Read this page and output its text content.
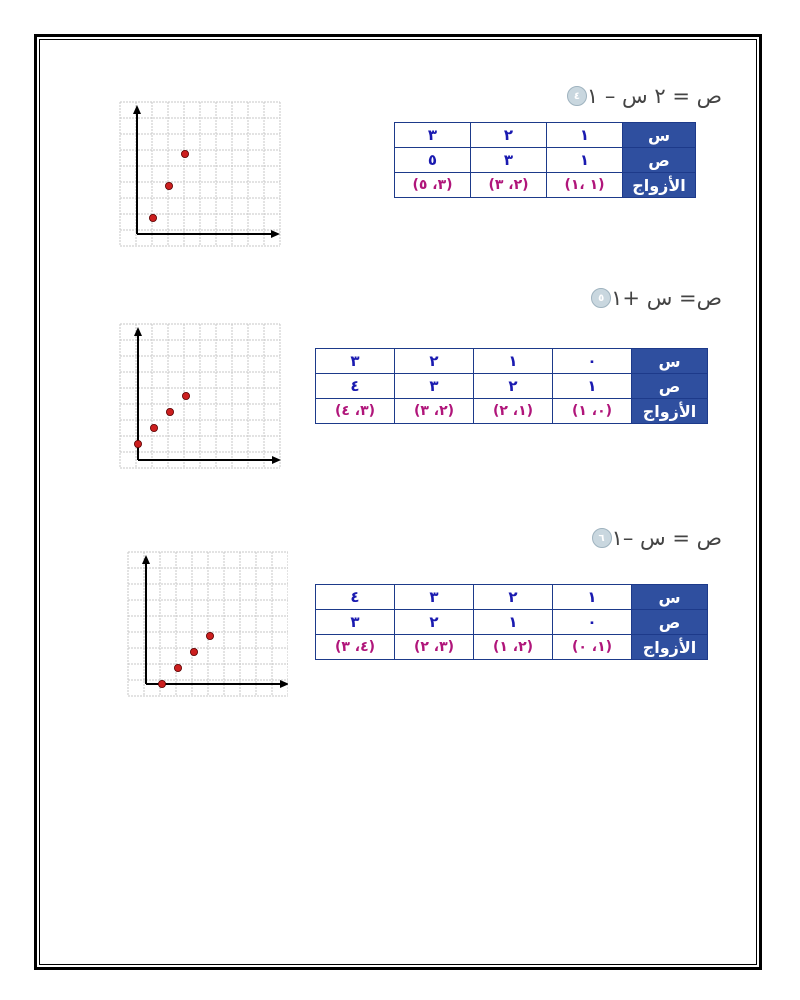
٤ ص = ٢ س – ١
س	١	٢	٣
ص	١	٣	٥
الأزواج	(١ ،١)	(٢، ٣)	(٣، ٥)
٥ ص= س +١
س	٠	١	٢	٣
ص	١	٢	٣	٤
الأزواج	(٠، ١)	(١، ٢)	(٢، ٣)	(٣، ٤)
٦ ص = س –١
س	١	٢	٣	٤
ص	٠	١	٢	٣
الأزواج	(١، ٠)	(٢، ١)	(٣، ٢)	(٤، ٣)
